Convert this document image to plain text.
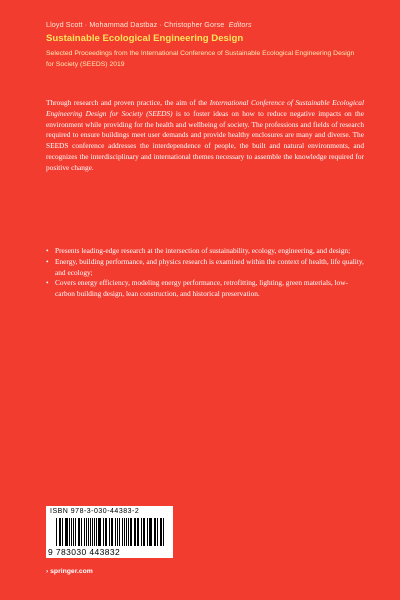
Lloyd Scott · Mohammad Dastbaz · Christopher Gorse Editors
Sustainable Ecological Engineering Design
Selected Proceedings from the International Conference of Sustainable Ecological Engineering Design for Society (SEEDS) 2019

Through research and proven practice, the aim of the International Conference of Sustainable Ecological Engineering Design for Society (SEEDS) is to foster ideas on how to reduce negative impacts on the environment while providing for the health and wellbeing of society. The professions and fields of research required to ensure buildings meet user demands and provide healthy enclosures are many and diverse. The SEEDS conference addresses the interdependence of people, the built and natural environments, and recognizes the interdisciplinary and international themes necessary to assemble the knowledge required for positive change.

• Presents leading-edge research at the intersection of sustainability, ecology, engineering, and design;
• Energy, building performance, and physics research is examined within the context of health, life quality, and ecology;
• Covers energy efficiency, modeling energy performance, retrofitting, lighting, green materials, low-carbon building design, lean construction, and historical preservation.
ISBN 978-3-030-44383-2
9 783030 443832
› springer.com
